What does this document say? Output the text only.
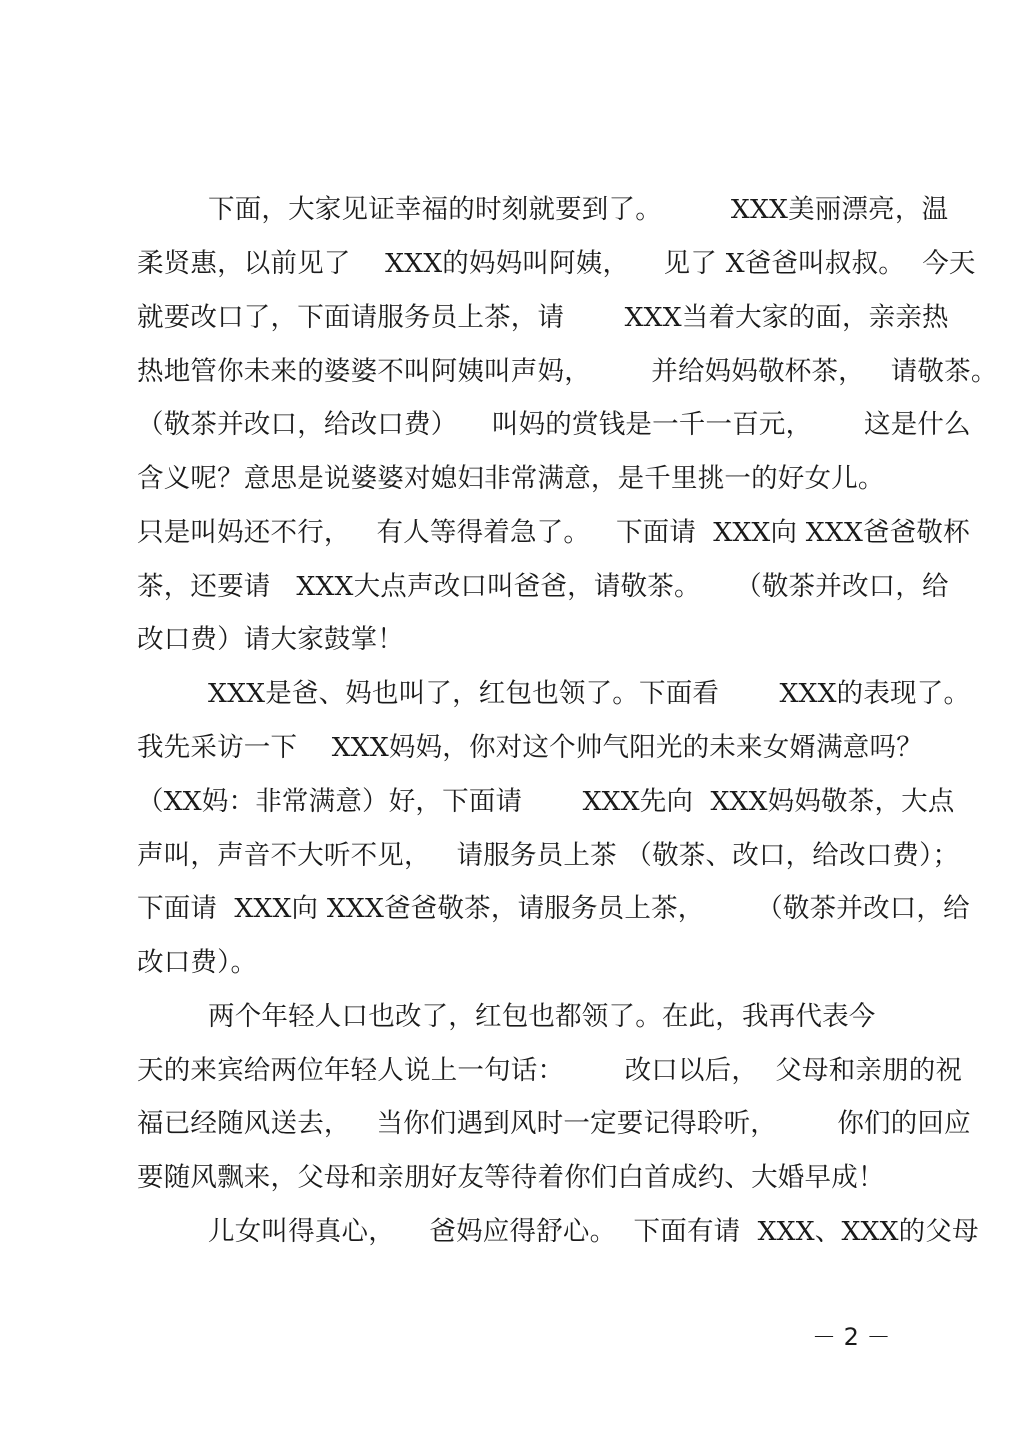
下面，大家见证幸福的时刻就要到了。        XXX美丽漂亮，温
柔贤惠，以前见了    XXX的妈妈叫阿姨，    见了 X爸爸叫叔叔。  今天
就要改口了，下面请服务员上茶，请       XXX当着大家的面，亲亲热
热地管你未来的婆婆不叫阿姨叫声妈，       并给妈妈敬杯茶，   请敬茶。
（敬茶并改口，给改口费）    叫妈的赏钱是一千一百元，      这是什么
含义呢？意思是说婆婆对媳妇非常满意，是千里挑一的好女儿。
只是叫妈还不行，   有人等得着急了。   下面请  XXX向 XXX爸爸敬杯
茶，还要请   XXX大点声改口叫爸爸，请敬茶。    （敬茶并改口，给
改口费）请大家鼓掌！
XXX是爸、妈也叫了，红包也领了。下面看       XXX的表现了。
我先采访一下    XXX妈妈，你对这个帅气阳光的未来女婿满意吗？
（XX妈：非常满意）好，下面请       XXX先向  XXX妈妈敬茶，大点
声叫，声音不大听不见，   请服务员上茶 （敬茶、改口，给改口费）；
下面请  XXX向 XXX爸爸敬茶，请服务员上茶，      （敬茶并改口，给
改口费）。
两个年轻人口也改了，红包也都领了。在此，我再代表今
天的来宾给两位年轻人说上一句话：       改口以后，  父母和亲朋的祝
福已经随风送去，   当你们遇到风时一定要记得聆听，       你们的回应
要随风飘来，父母和亲朋好友等待着你们白首成约、大婚早成！
儿女叫得真心，    爸妈应得舒心。  下面有请  XXX、XXX的父母
－ 2 －
